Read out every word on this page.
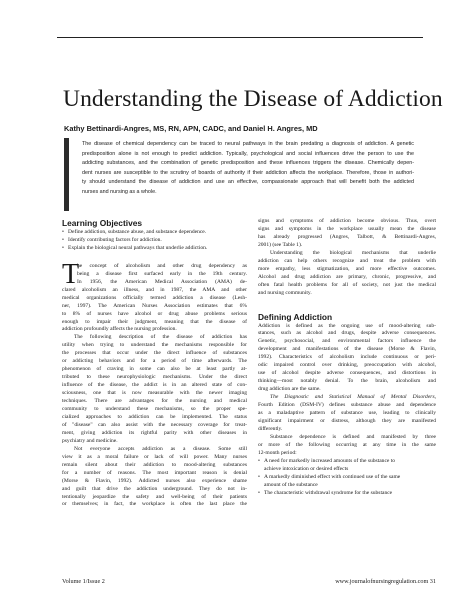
Understanding the Disease of Addiction
Kathy Bettinardi-Angres, MS, RN, APN, CADC, and Daniel H. Angres, MD
The disease of chemical dependency can be traced to neural pathways in the brain predating a diagnosis of addiction. A genetic
predisposition alone is not enough to predict addiction. Typically, psychological and social influences drive the person to use the
addicting substances, and the combination of genetic predisposition and these influences triggers the disease. Chemically depen-
dent nurses are susceptible to the scrutiny of boards of authority if their addiction affects the workplace. Therefore, those in authori-
ty should understand the disease of addiction and use an effective, compassionate approach that will benefit both the addicted
nurses and nursing as a whole.
Learning Objectives
• Define addiction, substance abuse, and substance dependence.
• Identify contributing factors for addiction.
• Explain the biological neural pathways that underlie addiction.
T
he concept of alcoholism and other drug dependency as
being a disease first surfaced early in the 19th century.
In 1956, the American Medical Association (AMA) de-
clared alcoholism an illness, and in 1987, the AMA and other
medical organizations officially termed addiction a disease (Lesh-
ner, 1997). The American Nurses Association estimates that 6%
to 8% of nurses have alcohol or drug abuse problems serious
enough to impair their judgment, meaning that the disease of
addiction profoundly affects the nursing profession.
The following description of the disease of addiction has
utility when trying to understand the mechanisms responsible for
the processes that occur under the direct influence of substances
or addicting behaviors and for a period of time afterwards. The
phenomenon of craving in some can also be at least partly at-
tributed to these neurophysiologic mechanisms. Under the direct
influence of the disease, the addict is in an altered state of con-
sciousness, one that is now measurable with the newer imaging
techniques. There are advantages for the nursing and medical
community to understand these mechanisms, so the proper spe-
cialized approaches to addiction can be implemented. The status
of "disease" can also assist with the necessary coverage for treat-
ment, giving addiction its rightful parity with other diseases in
psychiatry and medicine.
Not everyone accepts addiction as a disease. Some still
view it as a moral failure or lack of will power. Many nurses
remain silent about their addiction to mood-altering substances
for a number of reasons. The most important reason is denial
(Morse & Flavin, 1992). Addicted nurses also experience shame
and guilt that drive the addiction underground. They do not in-
tentionally jeopardize the safety and well-being of their patients
or themselves; in fact, the workplace is often the last place the
signs and symptoms of addiction become obvious. Thus, overt
signs and symptoms in the workplace usually mean the disease
has already progressed (Angres, Talbott, & Bettinardi-Angres,
2001) (see Table 1).
Understanding the biological mechanisms that underlie
addiction can help others recognize and treat the problem with
more empathy, less stigmatization, and more effective outcomes.
Alcohol and drug addiction are primary, chronic, progressive, and
often fatal health problems for all of society, not just the medical
and nursing community.
Defining Addiction
Addiction is defined as the ongoing use of mood-altering sub-
stances, such as alcohol and drugs, despite adverse consequences.
Genetic, psychosocial, and environmental factors influence the
development and manifestations of the disease (Morse & Flavin,
1992). Characteristics of alcoholism include continuous or peri-
odic impaired control over drinking, preoccupation with alcohol,
use of alcohol despite adverse consequences, and distortions in
thinking—most notably denial. To the brain, alcoholism and
drug addiction are the same.
The Diagnostic and Statistical Manual of Mental Disorders,
Fourth Edition (DSM-IV) defines substance abuse and dependence
as a maladaptive pattern of substance use, leading to clinically
significant impairment or distress, although they are manifested
differently.
Substance dependence is defined and manifested by three
or more of the following occurring at any time in the same
12-month period:
• A need for markedly increased amounts of the substance to
achieve intoxication or desired effects
• A markedly diminished effect with continued use of the same
amount of the substance
• The characteristic withdrawal syndrome for the substance
Volume 1/Issue 2	www.journalofnursingregulation.com 31
